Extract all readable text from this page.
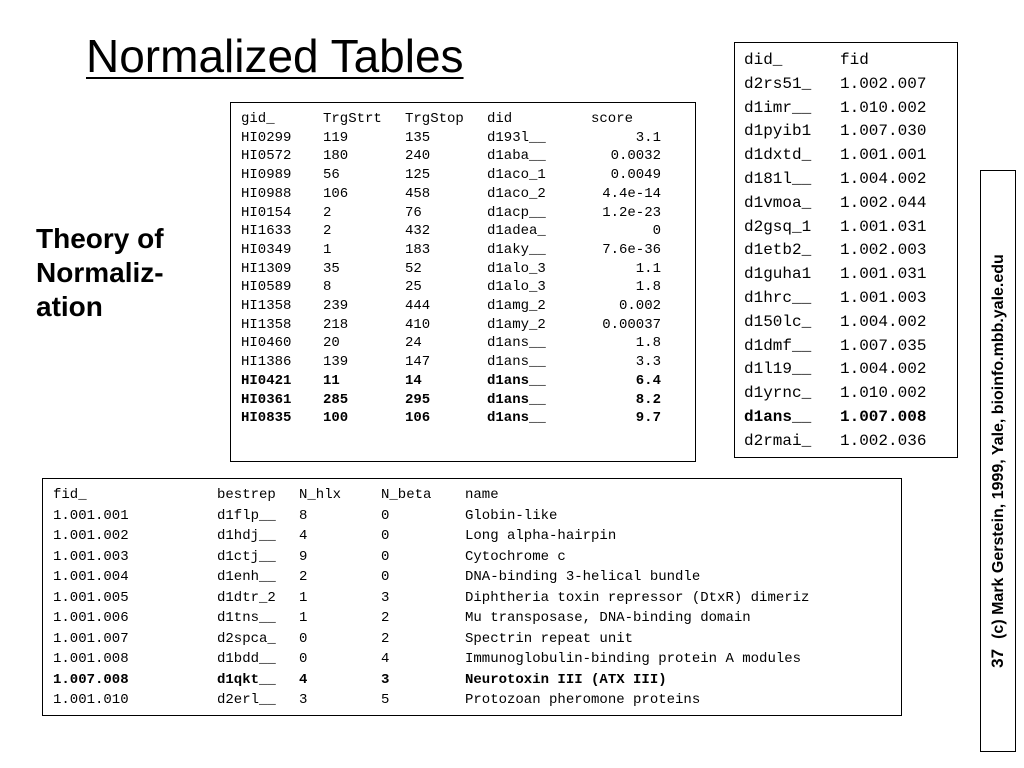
Normalized Tables
Theory of
Normaliz-
ation
gid_	TrgStrt TrgStop did	score
HI0299 119	135	d193l__	3.1
HI0572 180	240	d1aba__	0.0032
HI0989 56	125	d1aco_1	0.0049
HI0988 106	458	d1aco_2	4.4e-14
HI0154 2	76	d1acp__	1.2e-23
HI1633 2	432	d1adea_	0
HI0349 1	183	d1aky__	7.6e-36
HI1309 35	52	d1alo_3	1.1
HI0589 8	25	d1alo_3	1.8
HI1358 239	444	d1amg_2	0.002
HI1358 218	410	d1amy_2	0.00037
HI0460 20	24	d1ans__	1.8
HI1386 139	147	d1ans__	3.3
HI0421 11	14	d1ans__	6.4
HI0361 285	295	d1ans__	8.2
HI0835 100	106	d1ans__	9.7
did_	fid
d2rs51_ 1.002.007
d1imr__ 1.010.002
d1pyib1 1.007.030
d1dxtd_ 1.001.001
d181l__ 1.004.002
d1vmoa_ 1.002.044
d2gsq_1 1.001.031
d1etb2_ 1.002.003
d1guha1 1.001.031
d1hrc__ 1.001.003
d150lc_ 1.004.002
d1dmf__ 1.007.035
d1l19__ 1.004.002
d1yrnc_ 1.010.002
d1ans__ 1.007.008
d2rmai_ 1.002.036
fid_	bestrep N_hlx	N_beta name
1.001.001	d1flp__ 8	0	Globin-like
1.001.002	d1hdj__ 4	0	Long alpha-hairpin
1.001.003	d1ctj__ 9	0	Cytochrome c
1.001.004	d1enh__ 2	0	DNA-binding 3-helical bundle
1.001.005	d1dtr_2 1	3	Diphtheria toxin repressor (DtxR) dimeriz
1.001.006	d1tns__ 1	2	Mu transposase, DNA-binding domain
1.001.007	d2spca_ 0	2	Spectrin repeat unit
1.001.008	d1bdd__ 0	4	Immunoglobulin-binding protein A modules
1.007.008	d1qkt__ 4	3	Neurotoxin III (ATX III)
1.001.010	d2erl__ 3	5	Protozoan pheromone proteins
37(c) Mark Gerstein, 1999, Yale, bioinfo.mbb.yale.edu
